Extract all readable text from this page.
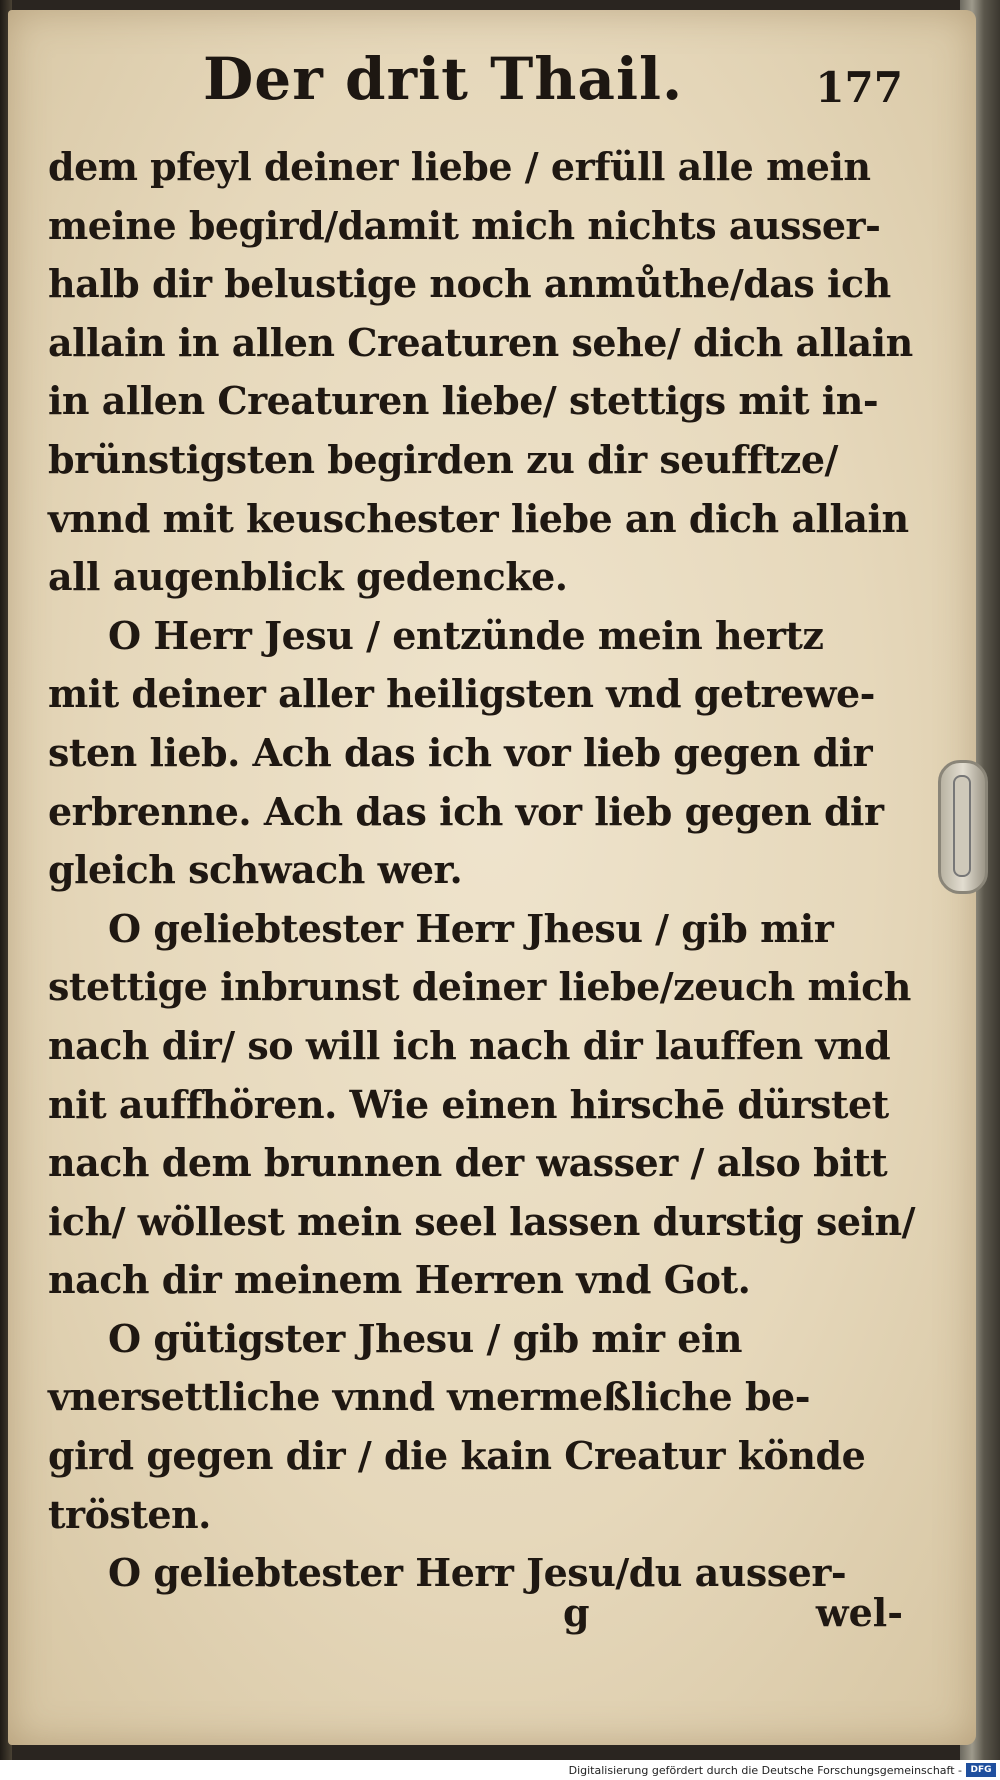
Der drit Thail.	177
dem pfeyl deiner liebe / erfüll alle mein
meine begird/damit mich nichts ausser-
halb dir belustige noch anmůthe/das ich
allain in allen Creaturen sehe/ dich allain
in allen Creaturen liebe/ stettigs mit in-
brünstigsten begirden zu dir seufftze/
vnnd mit keuschester liebe an dich allain
all augenblick gedencke.
O Herr Jesu / entzünde mein hertz
mit deiner aller heiligsten vnd getrewe-
sten lieb. Ach das ich vor lieb gegen dir
erbrenne. Ach das ich vor lieb gegen dir
gleich schwach wer.
O geliebtester Herr Jhesu / gib mir
stettige inbrunst deiner liebe/zeuch mich
nach dir/ so will ich nach dir lauffen vnd
nit auffhören. Wie einen hirschē dürstet
nach dem brunnen der wasser / also bitt
ich/ wöllest mein seel lassen durstig sein/
nach dir meinem Herren vnd Got.
O gütigster Jhesu / gib mir ein
vnersettliche vnnd vnermeßliche be-
gird gegen dir / die kain Creatur könde
trösten.
O geliebtester Herr Jesu/du ausser-
g	wel-
Digitalisierung gefördert durch die Deutsche Forschungsgemeinschaft - DFG
